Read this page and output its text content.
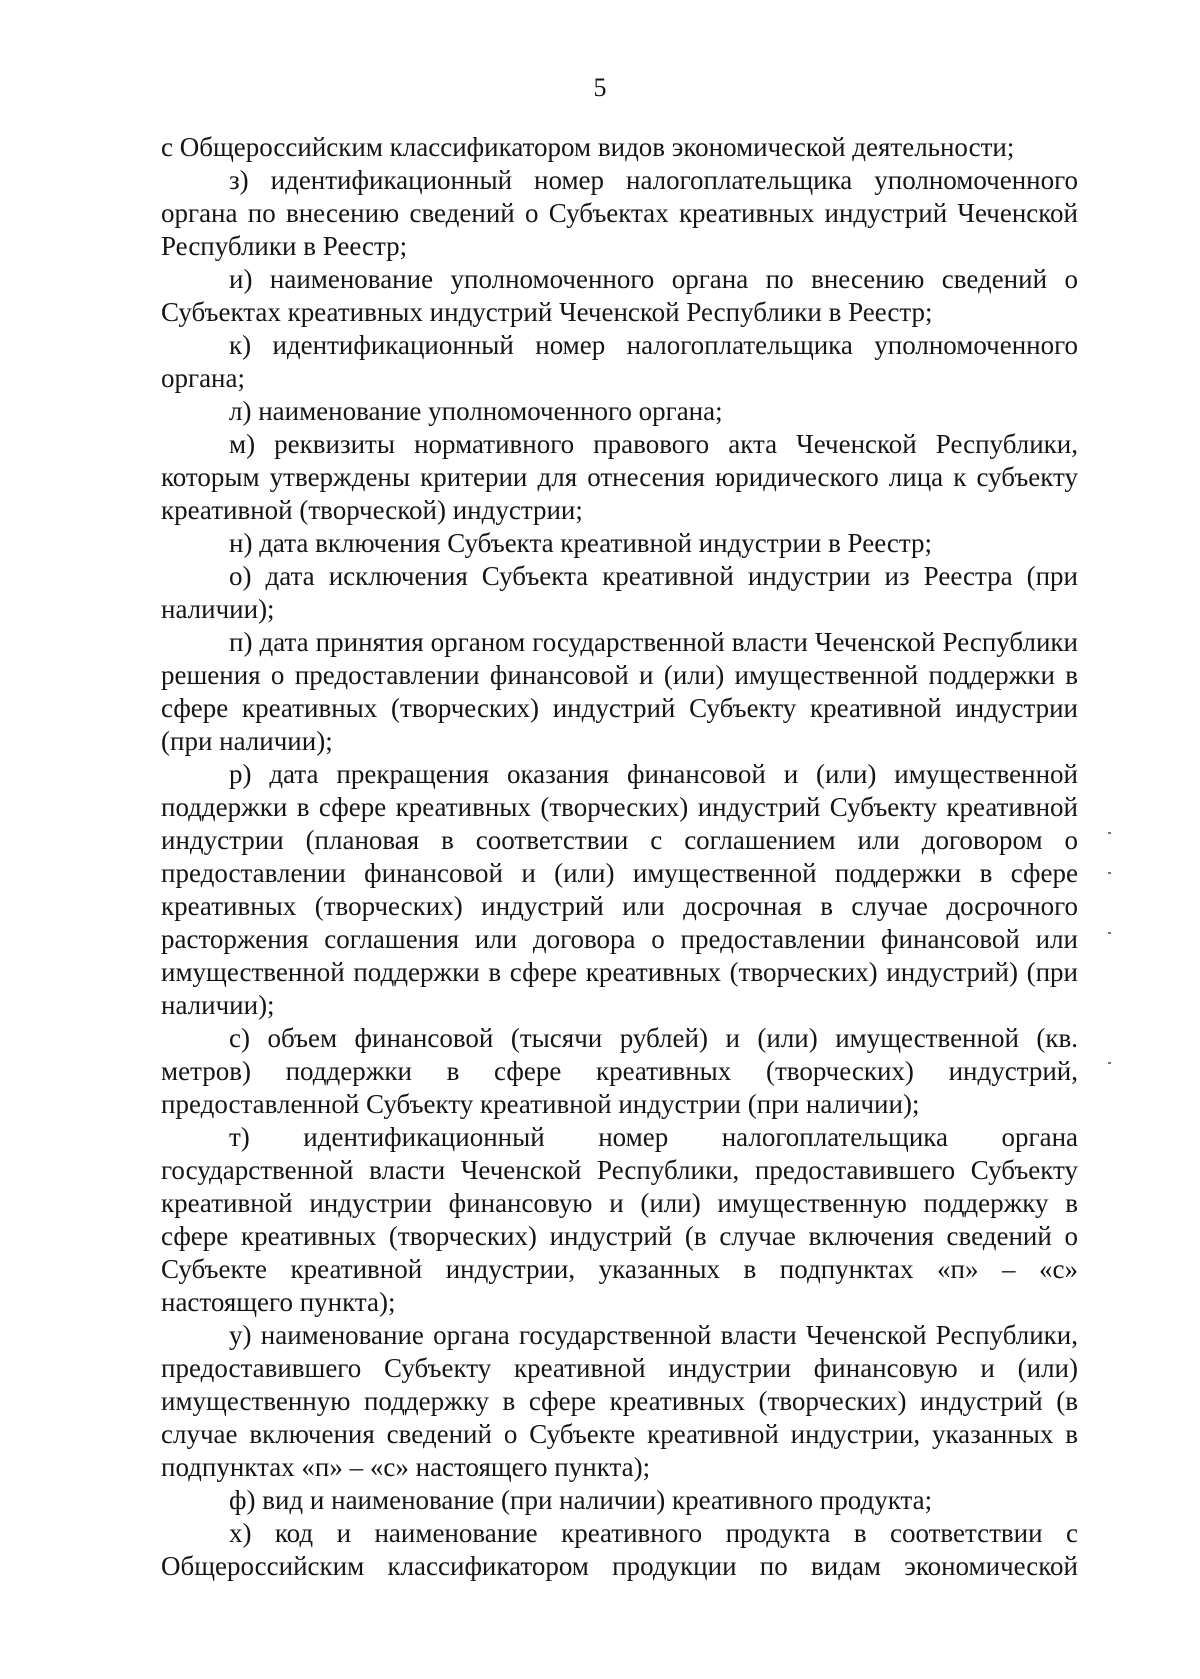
5

с Общероссийским классификатором видов экономической деятельности;

з) идентификационный номер налогоплательщика уполномоченного органа по внесению сведений о Субъектах креативных индустрий Чеченской Республики в Реестр;

и) наименование уполномоченного органа по внесению сведений о Субъектах креативных индустрий Чеченской Республики в Реестр;

к) идентификационный номер налогоплательщика уполномоченного органа;

л) наименование уполномоченного органа;

м) реквизиты нормативного правового акта Чеченской Республики, которым утверждены критерии для отнесения юридического лица к субъекту креативной (творческой) индустрии;

н) дата включения Субъекта креативной индустрии в Реестр;

о) дата исключения Субъекта креативной индустрии из Реестра (при наличии);

п) дата принятия органом государственной власти Чеченской Республики решения о предоставлении финансовой и (или) имущественной поддержки в сфере креативных (творческих) индустрий Субъекту креативной индустрии (при наличии);

р) дата прекращения оказания финансовой и (или) имущественной поддержки в сфере креативных (творческих) индустрий Субъекту креативной индустрии (плановая в соответствии с соглашением или договором о предоставлении финансовой и (или) имущественной поддержки в сфере креативных (творческих) индустрий или досрочная в случае досрочного расторжения соглашения или договора о предоставлении финансовой или имущественной поддержки в сфере креативных (творческих) индустрий) (при наличии);

с) объем финансовой (тысячи рублей) и (или) имущественной (кв. метров) поддержки в сфере креативных (творческих) индустрий, предоставленной Субъекту креативной индустрии (при наличии);

т) идентификационный номер налогоплательщика органа государственной власти Чеченской Республики, предоставившего Субъекту креативной индустрии финансовую и (или) имущественную поддержку в сфере креативных (творческих) индустрий (в случае включения сведений о Субъекте креативной индустрии, указанных в подпунктах «п» – «с» настоящего пункта);

у) наименование органа государственной власти Чеченской Республики, предоставившего Субъекту креативной индустрии финансовую и (или) имущественную поддержку в сфере креативных (творческих) индустрий (в случае включения сведений о Субъекте креативной индустрии, указанных в подпунктах «п» – «с» настоящего пункта);

ф) вид и наименование (при наличии) креативного продукта;

х) код и наименование креативного продукта в соответствии с Общероссийским классификатором продукции по видам экономической
